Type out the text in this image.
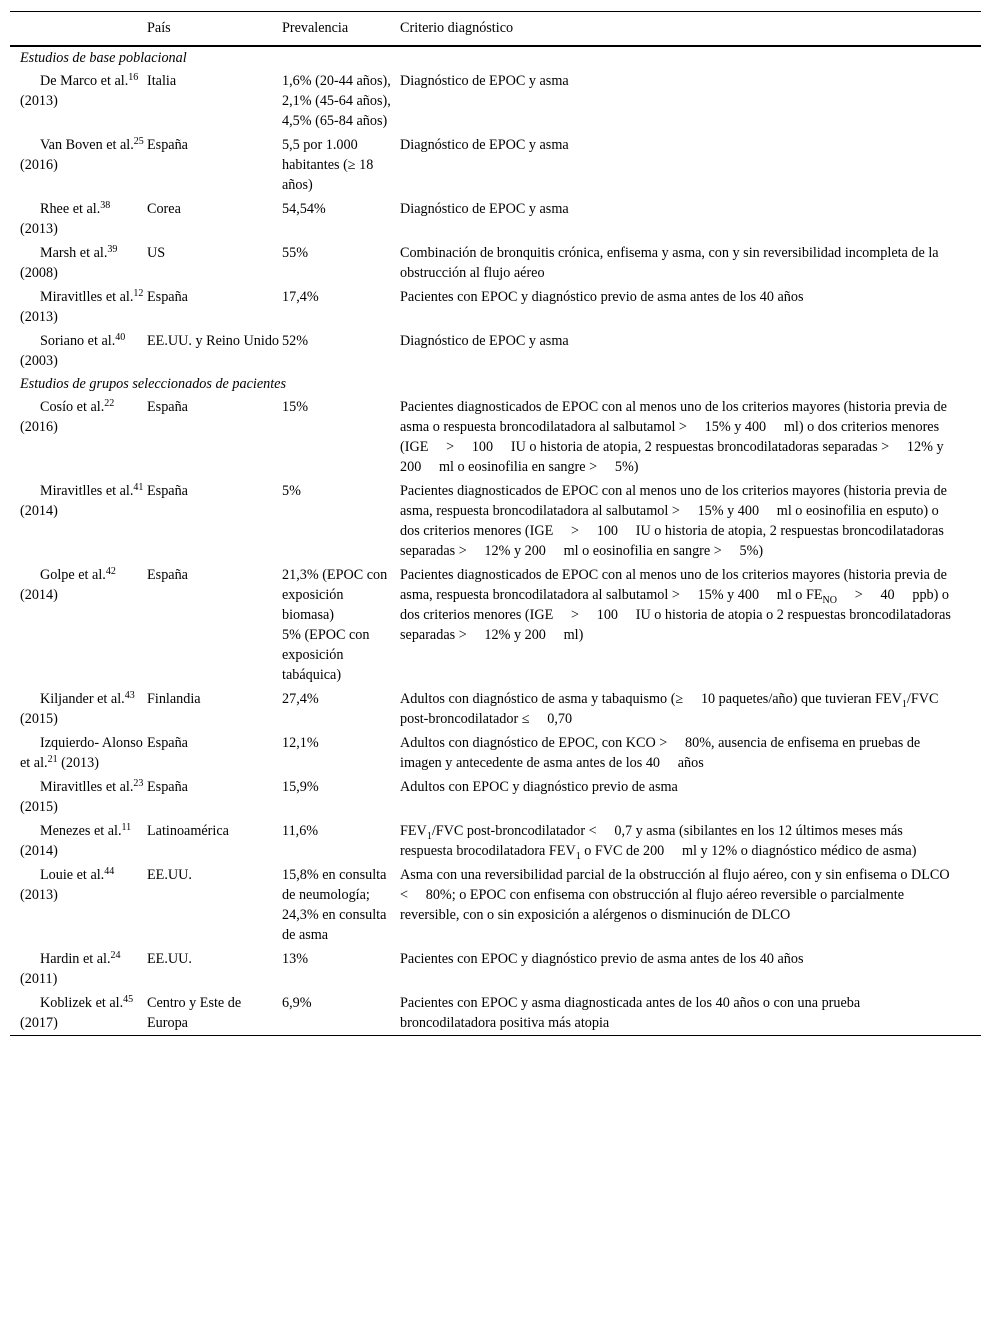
	País	Prevalencia	Criterio diagnóstico
Estudios de base poblacional			
De Marco et al.$^{16}$ (2013)	Italia	1,6% (20-44 años),
2,1% (45-64 años),
4,5% (65-84 años)	Diagnóstico de EPOC y asma
Van Boven et al.$^{25}$ (2016)	España	5,5 por 1.000 habitantes (≥ 18 años)	Diagnóstico de EPOC y asma
Rhee et al.$^{38}$ (2013)	Corea	54,54%	Diagnóstico de EPOC y asma
Marsh et al.$^{39}$ (2008)	US	55%	Combinación de bronquitis crónica, enfisema y asma, con y sin reversibilidad incompleta de la obstrucción al flujo aéreo
Miravitlles et al.$^{12}$ (2013)	España	17,4%	Pacientes con EPOC y diagnóstico previo de asma antes de los 40 años
Soriano et al.$^{40}$ (2003)	EE.UU. y Reino Unido	52%	Diagnóstico de EPOC y asma
Estudios de grupos seleccionados de pacientes			
Cosío et al.$^{22}$ (2016)	España	15%	Pacientes diagnosticados de EPOC con al menos uno de los criterios mayores (historia previa de asma o respuesta broncodilatadora al salbutamol >  15% y 400  ml) o dos criterios menores (IGE  >  100  IU o historia de atopia, 2 respuestas broncodilatadoras separadas >  12% y 200  ml o eosinofilia en sangre >  5%)
Miravitlles et al.$^{41}$ (2014)	España	5%	Pacientes diagnosticados de EPOC con al menos uno de los criterios mayores (historia previa de asma, respuesta broncodilatadora al salbutamol >  15% y 400  ml o eosinofilia en esputo) o dos criterios menores (IGE  >  100  IU o historia de atopia, 2 respuestas broncodilatadoras separadas >  12% y 200  ml o eosinofilia en sangre >  5%)
Golpe et al.$^{42}$ (2014)	España	21,3% (EPOC con exposición biomasa)
5% (EPOC con exposición tabáquica)	Pacientes diagnosticados de EPOC con al menos uno de los criterios mayores (historia previa de asma, respuesta broncodilatadora al salbutamol >  15% y 400  ml o $FE_{NO}$  >  40  ppb) o dos criterios menores (IGE  >  100  IU o historia de atopia o 2 respuestas broncodilatadoras separadas >  12% y 200  ml)
Kiljander et al.$^{43}$ (2015)	Finlandia	27,4%	Adultos con diagnóstico de asma y tabaquismo (≥  10 paquetes/año) que tuvieran $FEV_1$/FVC post-broncodilatador ≤  0,70
Izquierdo- Alonso et al.$^{21}$ (2013)	España	12,1%	Adultos con diagnóstico de EPOC, con KCO >  80%, ausencia de enfisema en pruebas de imagen y antecedente de asma antes de los 40  años
Miravitlles et al.$^{23}$ (2015)	España	15,9%	Adultos con EPOC y diagnóstico previo de asma
Menezes et al.$^{11}$ (2014)	Latinoamérica	11,6%	$FEV_1$/FVC post-broncodilatador <  0,7 y asma (sibilantes en los 12 últimos meses más respuesta brocodilatadora $FEV_1$ o FVC de 200  ml y 12% o diagnóstico médico de asma)
Louie et al.$^{44}$ (2013)	EE.UU.	15,8% en consulta de neumología;
24,3% en consulta de asma	Asma con una reversibilidad parcial de la obstrucción al flujo aéreo, con y sin enfisema o DLCO <  80%; o EPOC con enfisema con obstrucción al flujo aéreo reversible o parcialmente reversible, con o sin exposición a alérgenos o disminución de DLCO
Hardin et al.$^{24}$ (2011)	EE.UU.	13%	Pacientes con EPOC y diagnóstico previo de asma antes de los 40 años
Koblizek et al.$^{45}$ (2017)	Centro y Este de Europa	6,9%	Pacientes con EPOC y asma diagnosticada antes de los 40 años o con una prueba broncodilatadora positiva más atopia
